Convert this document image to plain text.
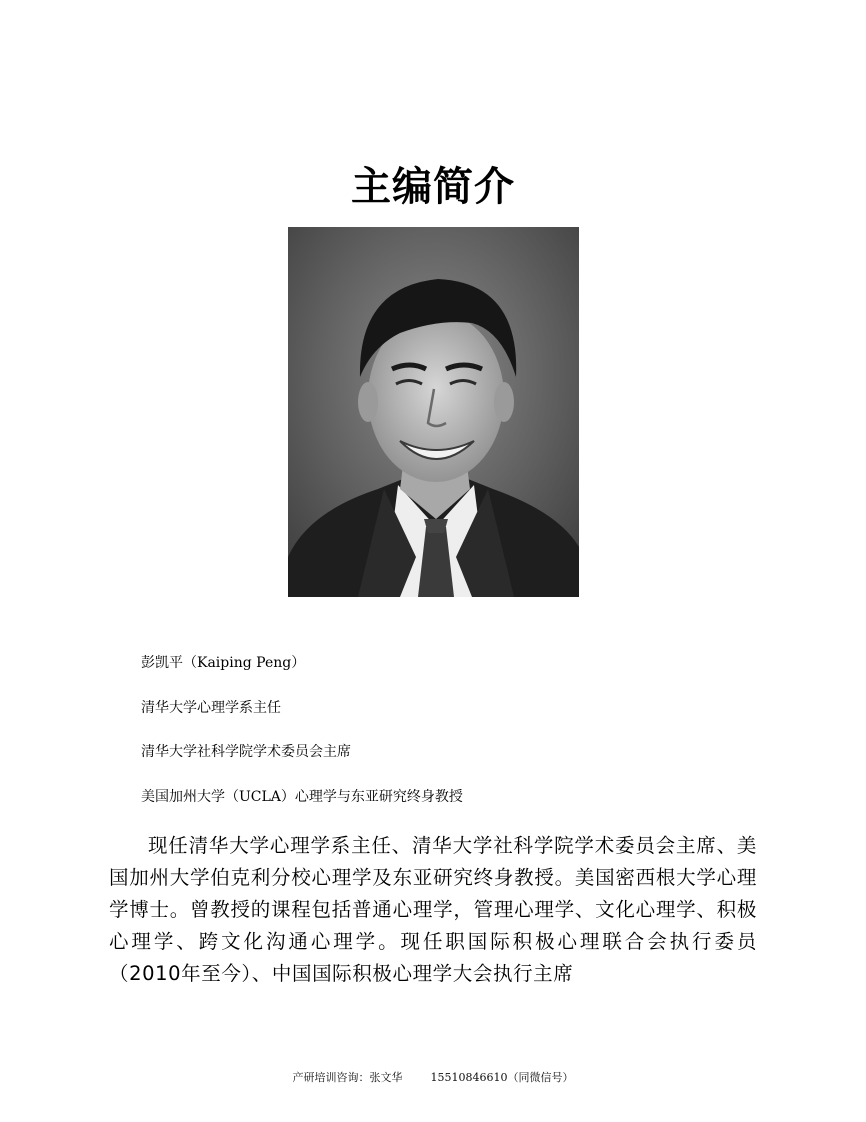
主编简介
彭凯平（Kaiping Peng）
清华大学心理学系主任
清华大学社科学院学术委员会主席
美国加州大学（UCLA）心理学与东亚研究终身教授

现任清华大学心理学系主任、清华大学社科学院学术委员会主席、美国加州大学伯克利分校心理学及东亚研究终身教授。美国密西根大学心理学博士。曾教授的课程包括普通心理学，管理心理学、文化心理学、积极心理学、跨文化沟通心理学。现任职国际积极心理联合会执行委员（2010年至今）、中国国际积极心理学大会执行主席

产研培训咨询：张文华	15510846610（同微信号）
